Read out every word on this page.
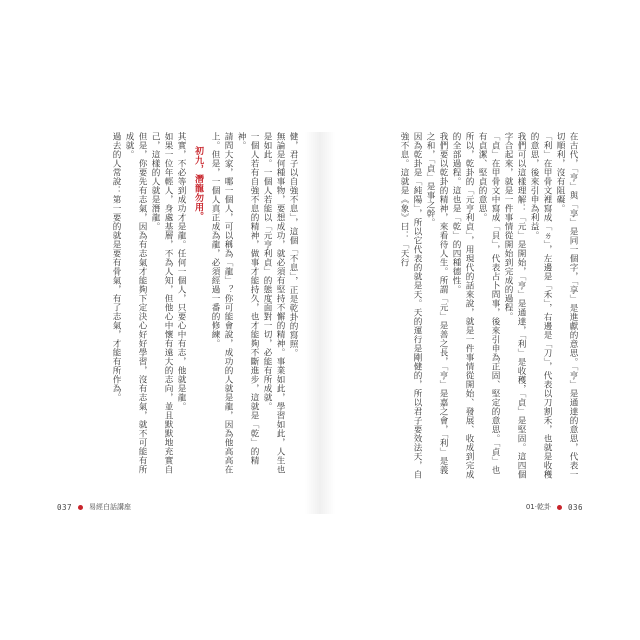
健，君子以自強不息」，這個「不息」，正是乾卦的寫照。

無論是何種事物，要想成功，就必須有堅持不懈的精神。事業如此，學習如此，人生也是如此。一個人若能以「元亨利貞」的態度面對一切，必能有所成就。

一個人若有自強不息的精神，做事才能持久，也才能夠不斷進步，這就是「乾」的精神。

請問大家，哪一個人，可以稱為「龍」？你可能會說，成功的人就是龍，因為他高高在上。但是，一個人真正成為龍，必須經過一番的修練。

初九，潛龍勿用。

其實，不必等到成功才是龍。任何一個人，只要心中有志，他就是龍。

如果一位年輕人，身處基層，不為人知，但他心中懷有遠大的志向，並且默默地充實自己，這樣的人就是潛龍。

但是，你要先有志氣，因為有志氣才能夠下定決心好好學習，沒有志氣，就不可能有所成就。

過去的人常說：第一要的就是要有骨氣，有了志氣，才能有所作為。

037 易經白話講座

在古代，「亨」與「享」是同一個字，「享」是進獻的意思。「亨」是通達的意思，代表一切順利，沒有阻礙。

「利」在甲骨文裡寫成「ㄌ」，左邊是「禾」，右邊是「刀」，代表以刀割禾，也就是收穫的意思，後來引申為利益。

我們可以這樣理解：「元」是開始，「亨」是通達，「利」是收穫，「貞」是堅固。這四個字合起來，就是一件事情從開始到完成的過程。

「貞」在甲骨文中寫成「貝」，代表占卜問事，後來引申為正固、堅定的意思。「貞」也有貞潔、堅貞的意思。

所以，乾卦的「元亨利貞」，用現代的話來說，就是一件事情從開始、發展、收成到完成的全部過程。這也是「乾」的四種德性。

我們要以乾卦的精神，來看待人生。所謂「元」是善之長，「亨」是嘉之會，「利」是義之和，「貞」是事之幹。

因為乾卦是「純陽」，所以它代表的就是天。天的運行是剛健的，所以君子要效法天，自強不息。這就是《象》曰：「天行

01·乾卦 036
